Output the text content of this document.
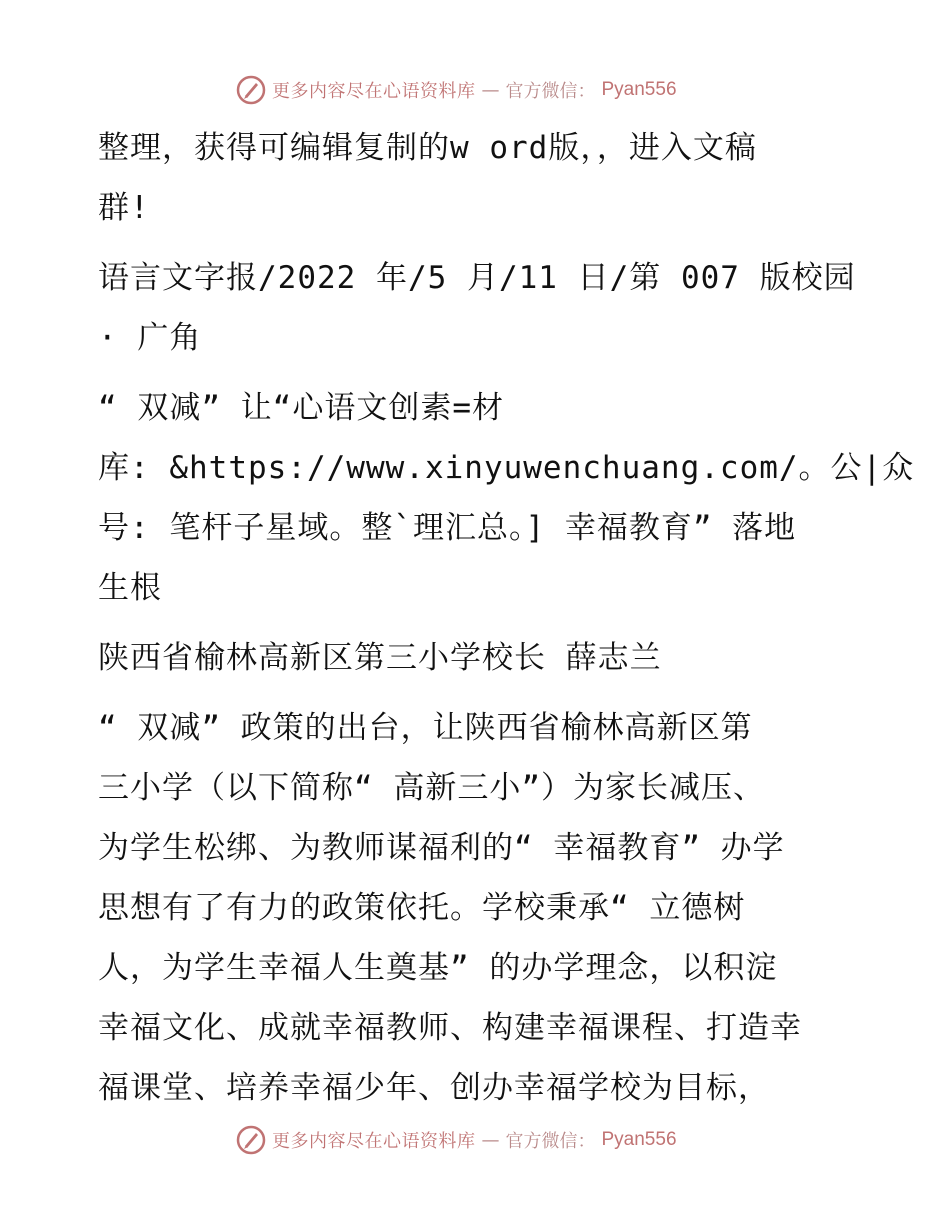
更多内容尽在心语资料库 — 官方微信： Pyan556
整理，获得可编辑复制的w ord版，，进入文稿
群!
语言文字报/2022 年/5 月/11 日/第 007 版校园
· 广角
“ 双减” 让“心语文创素=材
库: &https://www.xinyuwenchuang.com/。公|众
号: 笔杆子星域。整`理汇总。] 幸福教育” 落地
生根
陕西省榆林高新区第三小学校长 薛志兰
“ 双减” 政策的出台，让陕西省榆林高新区第
三小学（以下简称“ 高新三小”）为家长减压、
为学生松绑、为教师谋福利的“ 幸福教育” 办学
思想有了有力的政策依托。学校秉承“ 立德树
人，为学生幸福人生奠基” 的办学理念，以积淀
幸福文化、成就幸福教师、构建幸福课程、打造幸
福课堂、培养幸福少年、创办幸福学校为目标，
更多内容尽在心语资料库 — 官方微信： Pyan556
